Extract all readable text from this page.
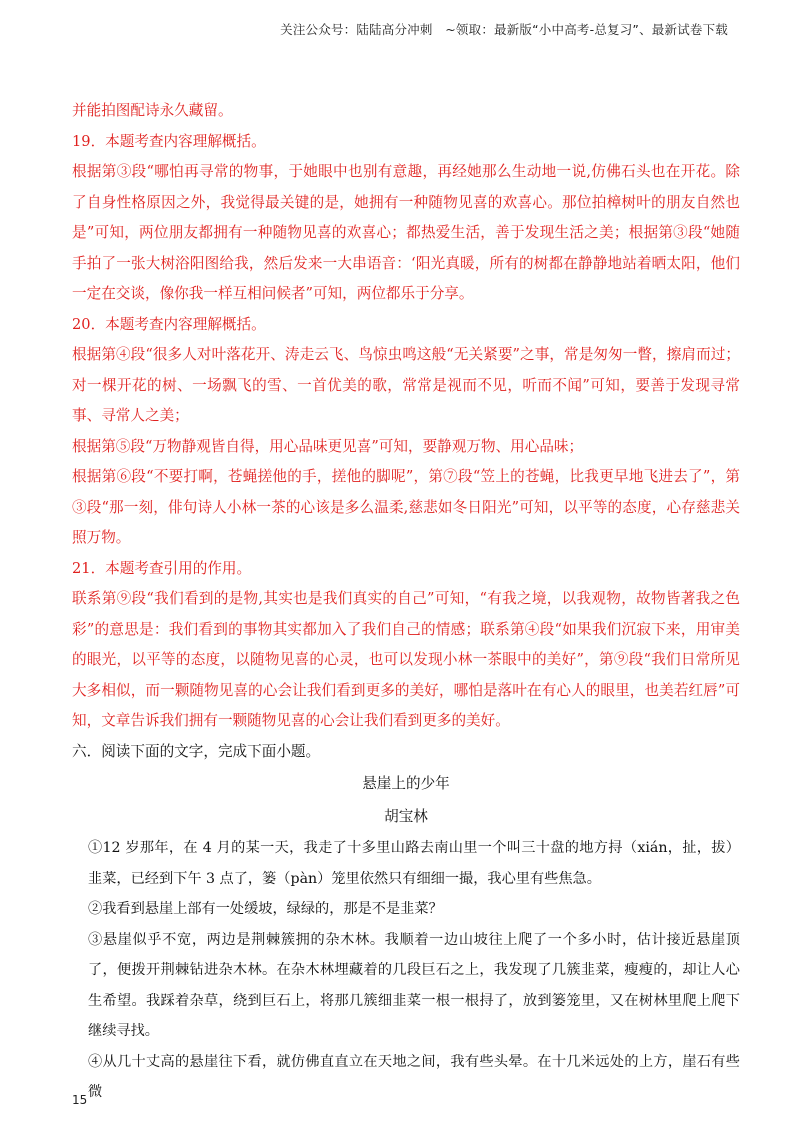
关注公众号：陆陆高分冲刺　~领取：最新版“小中高考-总复习”、最新试卷下载

并能拍图配诗永久藏留。

19．本题考查内容理解概括。

根据第③段“哪怕再寻常的物事，于她眼中也别有意趣，再经她那么生动地一说,仿佛石头也在开花。除了自身性格原因之外，我觉得最关键的是，她拥有一种随物见喜的欢喜心。那位拍樟树叶的朋友自然也是”可知，两位朋友都拥有一种随物见喜的欢喜心；都热爱生活，善于发现生活之美；根据第③段“她随手拍了一张大树浴阳图给我，然后发来一大串语音：‘阳光真暖，所有的树都在静静地站着晒太阳，他们一定在交谈，像你我一样互相问候者”可知，两位都乐于分享。

20．本题考查内容理解概括。

根据第④段“很多人对叶落花开、涛走云飞、鸟惊虫鸣这般“无关紧要”之事，常是匆匆一瞥，擦肩而过；对一棵开花的树、一场飘飞的雪、一首优美的歌，常常是视而不见，听而不闻”可知，要善于发现寻常事、寻常人之美；

根据第⑤段“万物静观皆自得，用心品味更见喜”可知，要静观万物、用心品味；

根据第⑥段“不要打啊，苍蝇搓他的手，搓他的脚呢”，第⑦段“笠上的苍蝇，比我更早地飞进去了”，第③段“那一刻，俳句诗人小林一茶的心该是多么温柔,慈悲如冬日阳光”可知，以平等的态度，心存慈悲关照万物。

21．本题考查引用的作用。

联系第⑨段“我们看到的是物,其实也是我们真实的自己”可知，“有我之境，以我观物，故物皆著我之色彩”的意思是：我们看到的事物其实都加入了我们自己的情感；联系第④段“如果我们沉寂下来，用审美的眼光，以平等的态度，以随物见喜的心灵，也可以发现小林一茶眼中的美好”，第⑨段“我们日常所见大多相似，而一颗随物见喜的心会让我们看到更多的美好，哪怕是落叶在有心人的眼里，也美若红唇”可知，文章告诉我们拥有一颗随物见喜的心会让我们看到更多的美好。

六．阅读下面的文字，完成下面小题。

悬崖上的少年

胡宝林

①12 岁那年，在 4 月的某一天，我走了十多里山路去南山里一个叫三十盘的地方挦（xián，扯，拔）韭菜，已经到下午 3 点了，篓（pàn）笼里依然只有细细一撮，我心里有些焦急。

②我看到悬崖上部有一处缓坡，绿绿的，那是不是韭菜？

③悬崖似乎不宽，两边是荆棘簇拥的杂木林。我顺着一边山坡往上爬了一个多小时，估计接近悬崖顶了，便拨开荆棘钻进杂木林。在杂木林埋藏着的几段巨石之上，我发现了几簇韭菜，瘦瘦的，却让人心生希望。我踩着杂草，绕到巨石上，将那几簇细韭菜一根一根挦了，放到篓笼里，又在树林里爬上爬下继续寻找。

④从几十丈高的悬崖往下看，就仿佛直直立在天地之间，我有些头晕。在十几米远处的上方，崖石有些微

15
